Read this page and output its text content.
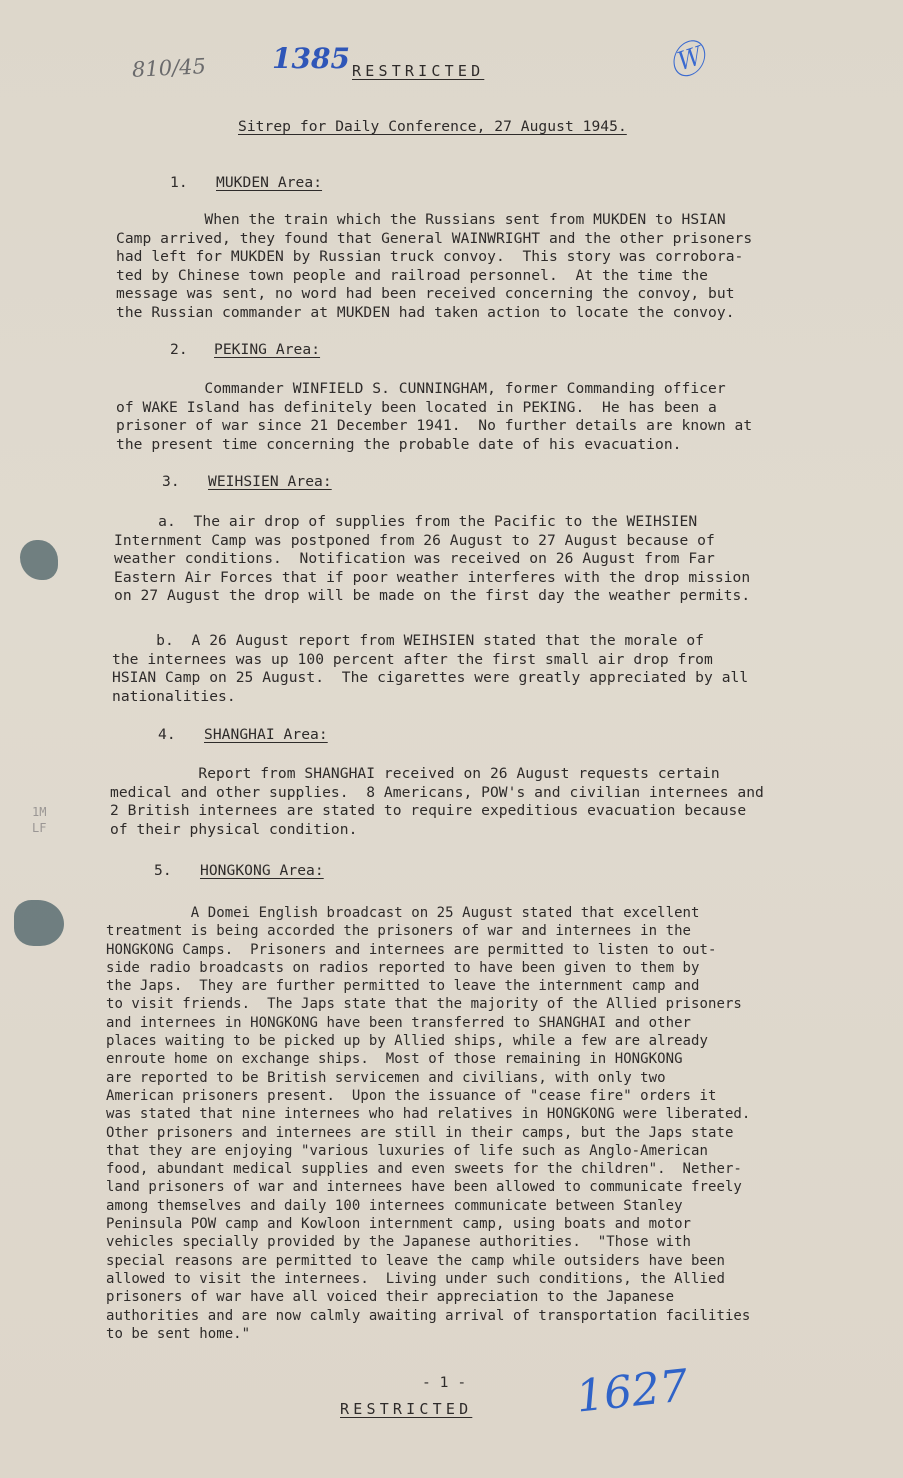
810/45 1385	Ⓦ

RESTRICTED

Sitrep for Daily Conference, 27 August 1945.

1. MUKDEN Area:

When the train which the Russians sent from MUKDEN to HSIAN
Camp arrived, they found that General WAINWRIGHT and the other prisoners
had left for MUKDEN by Russian truck convoy.  This story was corrobora-
ted by Chinese town people and railroad personnel.  At the time the
message was sent, no word had been received concerning the convoy, but
the Russian commander at MUKDEN had taken action to locate the convoy.

2. PEKING Area:

Commander WINFIELD S. CUNNINGHAM, former Commanding officer
of WAKE Island has definitely been located in PEKING.  He has been a
prisoner of war since 21 December 1941.  No further details are known at
the present time concerning the probable date of his evacuation.

3. WEIHSIEN Area:

a.  The air drop of supplies from the Pacific to the WEIHSIEN
Internment Camp was postponed from 26 August to 27 August because of
weather conditions.  Notification was received on 26 August from Far
Eastern Air Forces that if poor weather interferes with the drop mission
on 27 August the drop will be made on the first day the weather permits.

b.  A 26 August report from WEIHSIEN stated that the morale of
the internees was up 100 percent after the first small air drop from
HSIAN Camp on 25 August.  The cigarettes were greatly appreciated by all
nationalities.

4. SHANGHAI Area:

Report from SHANGHAI received on 26 August requests certain
medical and other supplies.  8 Americans, POW's and civilian internees and
2 British internees are stated to require expeditious evacuation because
of their physical condition.

5. HONGKONG Area:

A Domei English broadcast on 25 August stated that excellent
treatment is being accorded the prisoners of war and internees in the
HONGKONG Camps.  Prisoners and internees are permitted to listen to out-
side radio broadcasts on radios reported to have been given to them by
the Japs.  They are further permitted to leave the internment camp and
to visit friends.  The Japs state that the majority of the Allied prisoners
and internees in HONGKONG have been transferred to SHANGHAI and other
places waiting to be picked up by Allied ships, while a few are already
enroute home on exchange ships.  Most of those remaining in HONGKONG
are reported to be British servicemen and civilians, with only two
American prisoners present.  Upon the issuance of "cease fire" orders it
was stated that nine internees who had relatives in HONGKONG were liberated.
Other prisoners and internees are still in their camps, but the Japs state
that they are enjoying "various luxuries of life such as Anglo-American
food, abundant medical supplies and even sweets for the children".  Nether-
land prisoners of war and internees have been allowed to communicate freely
among themselves and daily 100 internees communicate between Stanley
Peninsula POW camp and Kowloon internment camp, using boats and motor
vehicles specially provided by the Japanese authorities.  "Those with
special reasons are permitted to leave the camp while outsiders have been
allowed to visit the internees.  Living under such conditions, the Allied
prisoners of war have all voiced their appreciation to the Japanese
authorities and are now calmly awaiting arrival of transportation facilities
to be sent home."

1M
LF

- 1 -

RESTRICTED 1627
